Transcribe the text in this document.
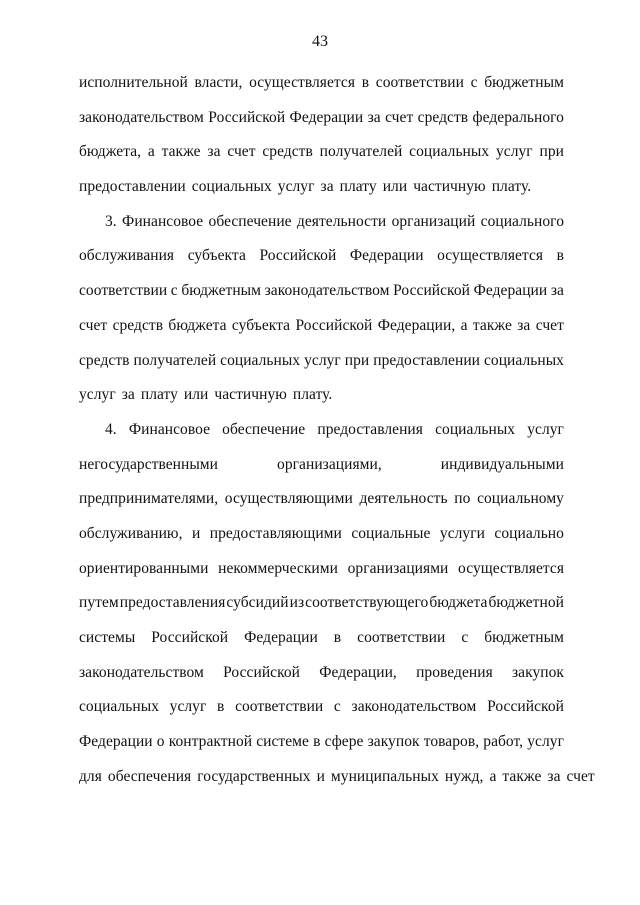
43
исполнительной власти, осуществляется в соответствии с бюджетным
законодательством Российской Федерации за счет средств федерального
бюджета, а также за счет средств получателей социальных услуг при
предоставлении социальных услуг за плату или частичную плату.
3. Финансовое обеспечение деятельности организаций социального
обслуживания субъекта Российской Федерации осуществляется в
соответствии с бюджетным законодательством Российской Федерации за
счет средств бюджета субъекта Российской Федерации, а также за счет
средств получателей социальных услуг при предоставлении социальных
услуг за плату или частичную плату.
4. Финансовое обеспечение предоставления социальных услуг
негосударственными	организациями,	индивидуальными
предпринимателями, осуществляющими деятельность по социальному
обслуживанию, и предоставляющими социальные услуги социально
ориентированными некоммерческими организациями осуществляется
путем предоставления субсидий из соответствующего бюджета бюджетной
системы Российской Федерации в соответствии с бюджетным
законодательством Российской Федерации, проведения закупок
социальных услуг в соответствии с законодательством Российской
Федерации о контрактной системе в сфере закупок товаров, работ, услуг
для обеспечения государственных и муниципальных нужд, а также за счет
